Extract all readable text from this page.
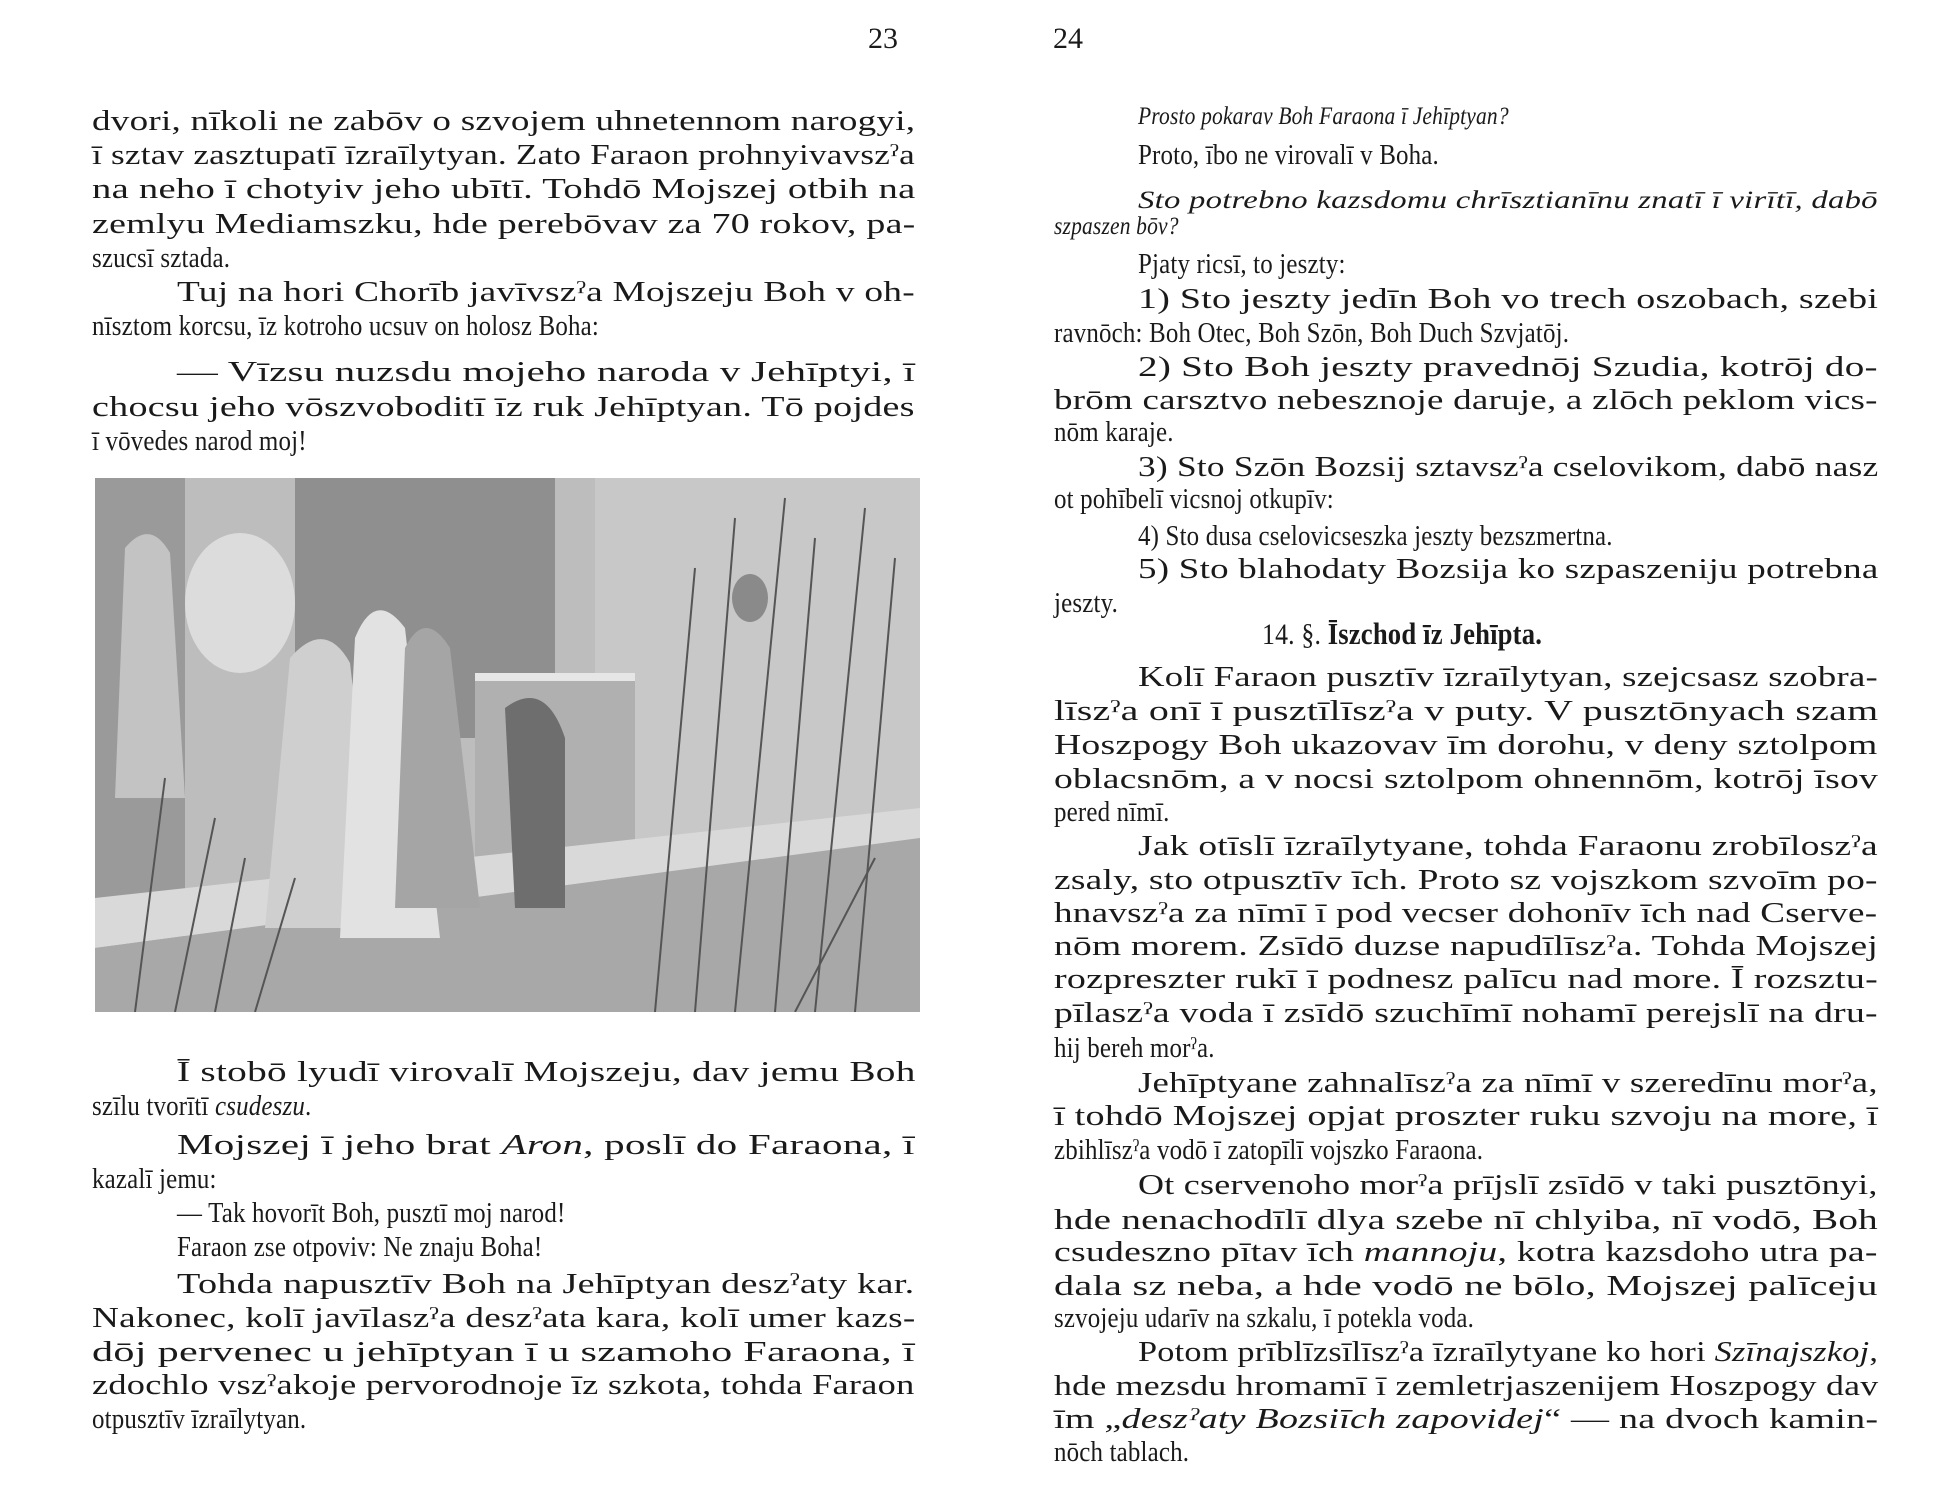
23	24
dvori, nīkoli ne zabōv o szvojem uhnetennom narogyi,
ī sztav zasztupatī īzraīlytyan. Zato Faraon prohnyivavszˀa
na neho ī chotyiv jeho ubītī. Tohdō Mojszej otbih na
zemlyu Mediamszku, hde perebōvav za 70 rokov, pa-
szucsī sztada.
Tuj na hori Chorīb javīvszˀa Mojszeju Boh v oh-
nīsztom korcsu, īz kotroho ucsuv on holosz Boha:
— Vīzsu nuzsdu mojeho naroda v Jehīptyi, ī
chocsu jeho vōszvoboditī īz ruk Jehīptyan. Tō pojdes
ī vōvedes narod moj!
Ī stobō lyudī virovalī Mojszeju, dav jemu Boh
szīlu tvorītī csudeszu.
Mojszej ī jeho brat Aron, poslī do Faraona, ī
kazalī jemu:
— Tak hovorīt Boh, pusztī moj narod!
Faraon zse otpoviv: Ne znaju Boha!
Tohda napusztīv Boh na Jehīptyan deszˀaty kar.
Nakonec, kolī javīlaszˀa deszˀata kara, kolī umer kazs-
dōj pervenec u jehīptyan ī u szamoho Faraona, ī
zdochlo vszˀakoje pervorodnoje īz szkota, tohda Faraon
otpusztīv īzraīlytyan.
Prosto pokarav Boh Faraona ī Jehīptyan?
Proto, ībo ne virovalī v Boha.
Sto potrebno kazsdomu chrīsztianīnu znatī ī virītī, dabō
szpaszen bōv?
Pjaty ricsī, to jeszty:
1) Sto jeszty jedīn Boh vo trech oszobach, szebi
ravnōch: Boh Otec, Boh Szōn, Boh Duch Szvjatōj.
2) Sto Boh jeszty pravednōj Szudia, kotrōj do-
brōm carsztvo nebesznoje daruje, a zlōch peklom vics-
nōm karaje.
3) Sto Szōn Bozsij sztavszˀa cselovikom, dabō nasz
ot pohībelī vicsnoj otkupīv:
4) Sto dusa cselovicseszka jeszty bezszmertna.
5) Sto blahodaty Bozsija ko szpaszeniju potrebna
jeszty.
14. §. Īszchod īz Jehīpta.
Kolī Faraon pusztīv īzraīlytyan, szejcsasz szobra-
līszˀa onī ī pusztīlīszˀa v puty. V pusztōnyach szam
Hoszpogy Boh ukazovav īm dorohu, v deny sztolpom
oblacsnōm, a v nocsi sztolpom ohnennōm, kotrōj īsov
pered nīmī.
Jak otīslī īzraīlytyane, tohda Faraonu zrobīloszˀa
zsaly, sto otpusztīv īch. Proto sz vojszkom szvoīm po-
hnavszˀa za nīmī ī pod vecser dohonīv īch nad Cserve-
nōm morem. Zsīdō duzse napudīlīszˀa. Tohda Mojszej
rozpreszter rukī ī podnesz palīcu nad more. Ī rozsztu-
pīlaszˀa voda ī zsīdō szuchīmī nohamī perejslī na dru-
hij bereh morˀa.
Jehīptyane zahnalīszˀa za nīmī v szeredīnu morˀa,
ī tohdō Mojszej opjat proszter ruku szvoju na more, ī
zbihlīszˀa vodō ī zatopīlī vojszko Faraona.
Ot cservenoho morˀa prījslī zsīdō v taki pusztōnyi,
hde nenachodīlī dlya szebe nī chlyiba, nī vodō, Boh
csudeszno pītav īch mannoju, kotra kazsdoho utra pa-
dala sz neba, a hde vodō ne bōlo, Mojszej palīceju
szvojeju udarīv na szkalu, ī potekla voda.
Potom prīblīzsīlīszˀa īzraīlytyane ko hori Szīnajszkoj,
hde mezsdu hromamī ī zemletrjaszenijem Hoszpogy dav
īm „deszˀaty Bozsiīch zapovidej“ — na dvoch kamin-
nōch tablach.
